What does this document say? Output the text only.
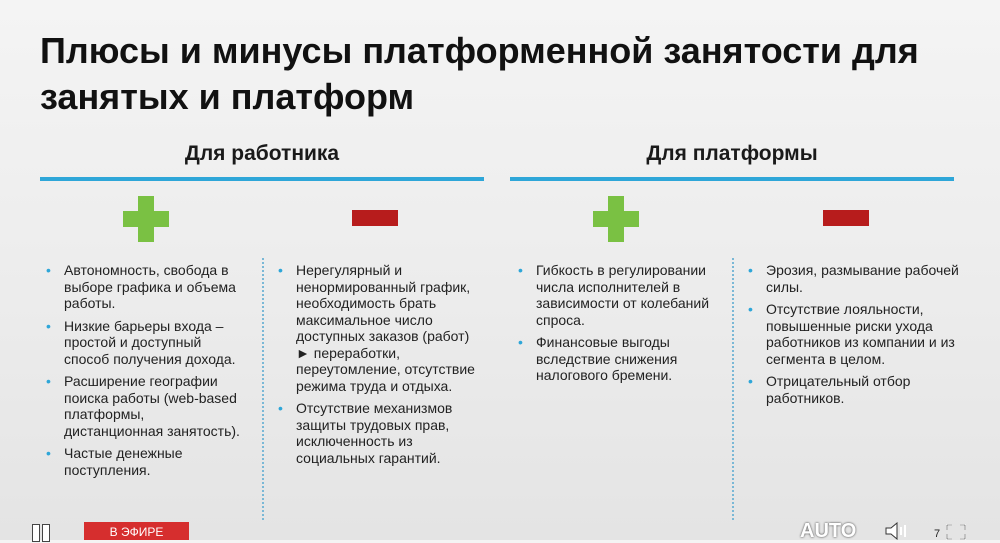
Плюсы и минусы платформенной занятости для занятых и платформ
Для работника	Для платформы
• Автономность, свобода в выборе графика и объема работы.
• Низкие барьеры входа – простой и доступный способ получения дохода.
• Расширение географии поиска работы (web-based платформы, дистанционная занятость).
• Частые денежные поступления.
• Нерегулярный и ненормированный график, необходимость брать максимальное число доступных заказов (работ) ► переработки, переутомление, отсутствие режима труда и отдыха.
• Отсутствие механизмов защиты трудовых прав, исключенность из социальных гарантий.
• Гибкость в регулировании числа исполнителей в зависимости от колебаний спроса.
• Финансовые выгоды вследствие снижения налогового бремени.
• Эрозия, размывание рабочей силы.
• Отсутствие лояльности, повышенные риски ухода работников из компании и из сегмента в целом.
• Отрицательный отбор работников.
В ЭФИРЕ	AUTO	7
